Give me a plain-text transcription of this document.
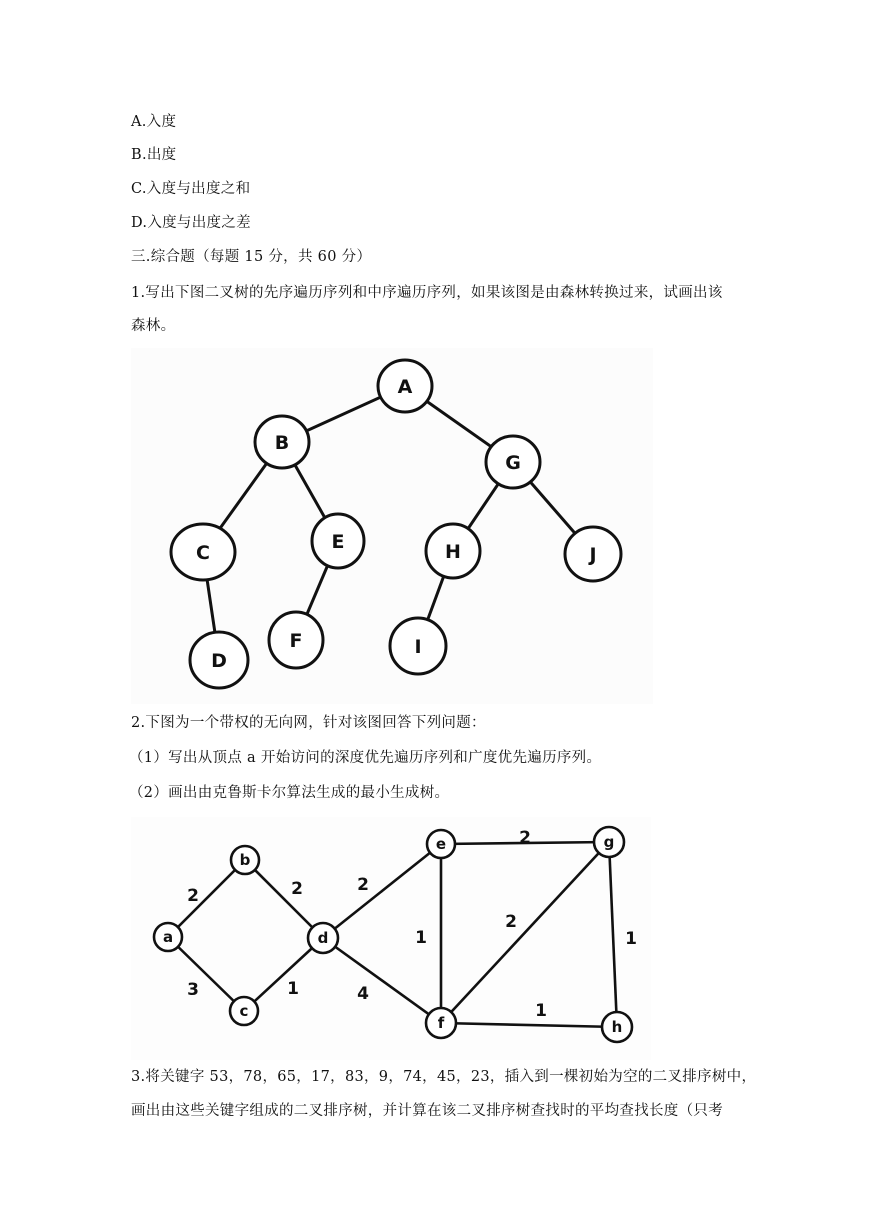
A.入度

B.出度

C.入度与出度之和

D.入度与出度之差

三.综合题（每题 15 分，共 60 分）

1.写出下图二叉树的先序遍历序列和中序遍历序列，如果该图是由森林转换过来，试画出该

森林。

A
B
G
C	E	H	J
D
F	I

2.下图为一个带权的无向网，针对该图回答下列问题：

（1）写出从顶点 a 开始访问的深度优先遍历序列和广度优先遍历序列。

（2）画出由克鲁斯卡尔算法生成的最小生成树。

a
b
c
d
e	g
f	h
2
3
2
1
2
4
2
1
2
1
1

3.将关键字 53，78，65，17，83，9，74，45，23，插入到一棵初始为空的二叉排序树中，

画出由这些关键字组成的二叉排序树，并计算在该二叉排序树查找时的平均查找长度（只考
